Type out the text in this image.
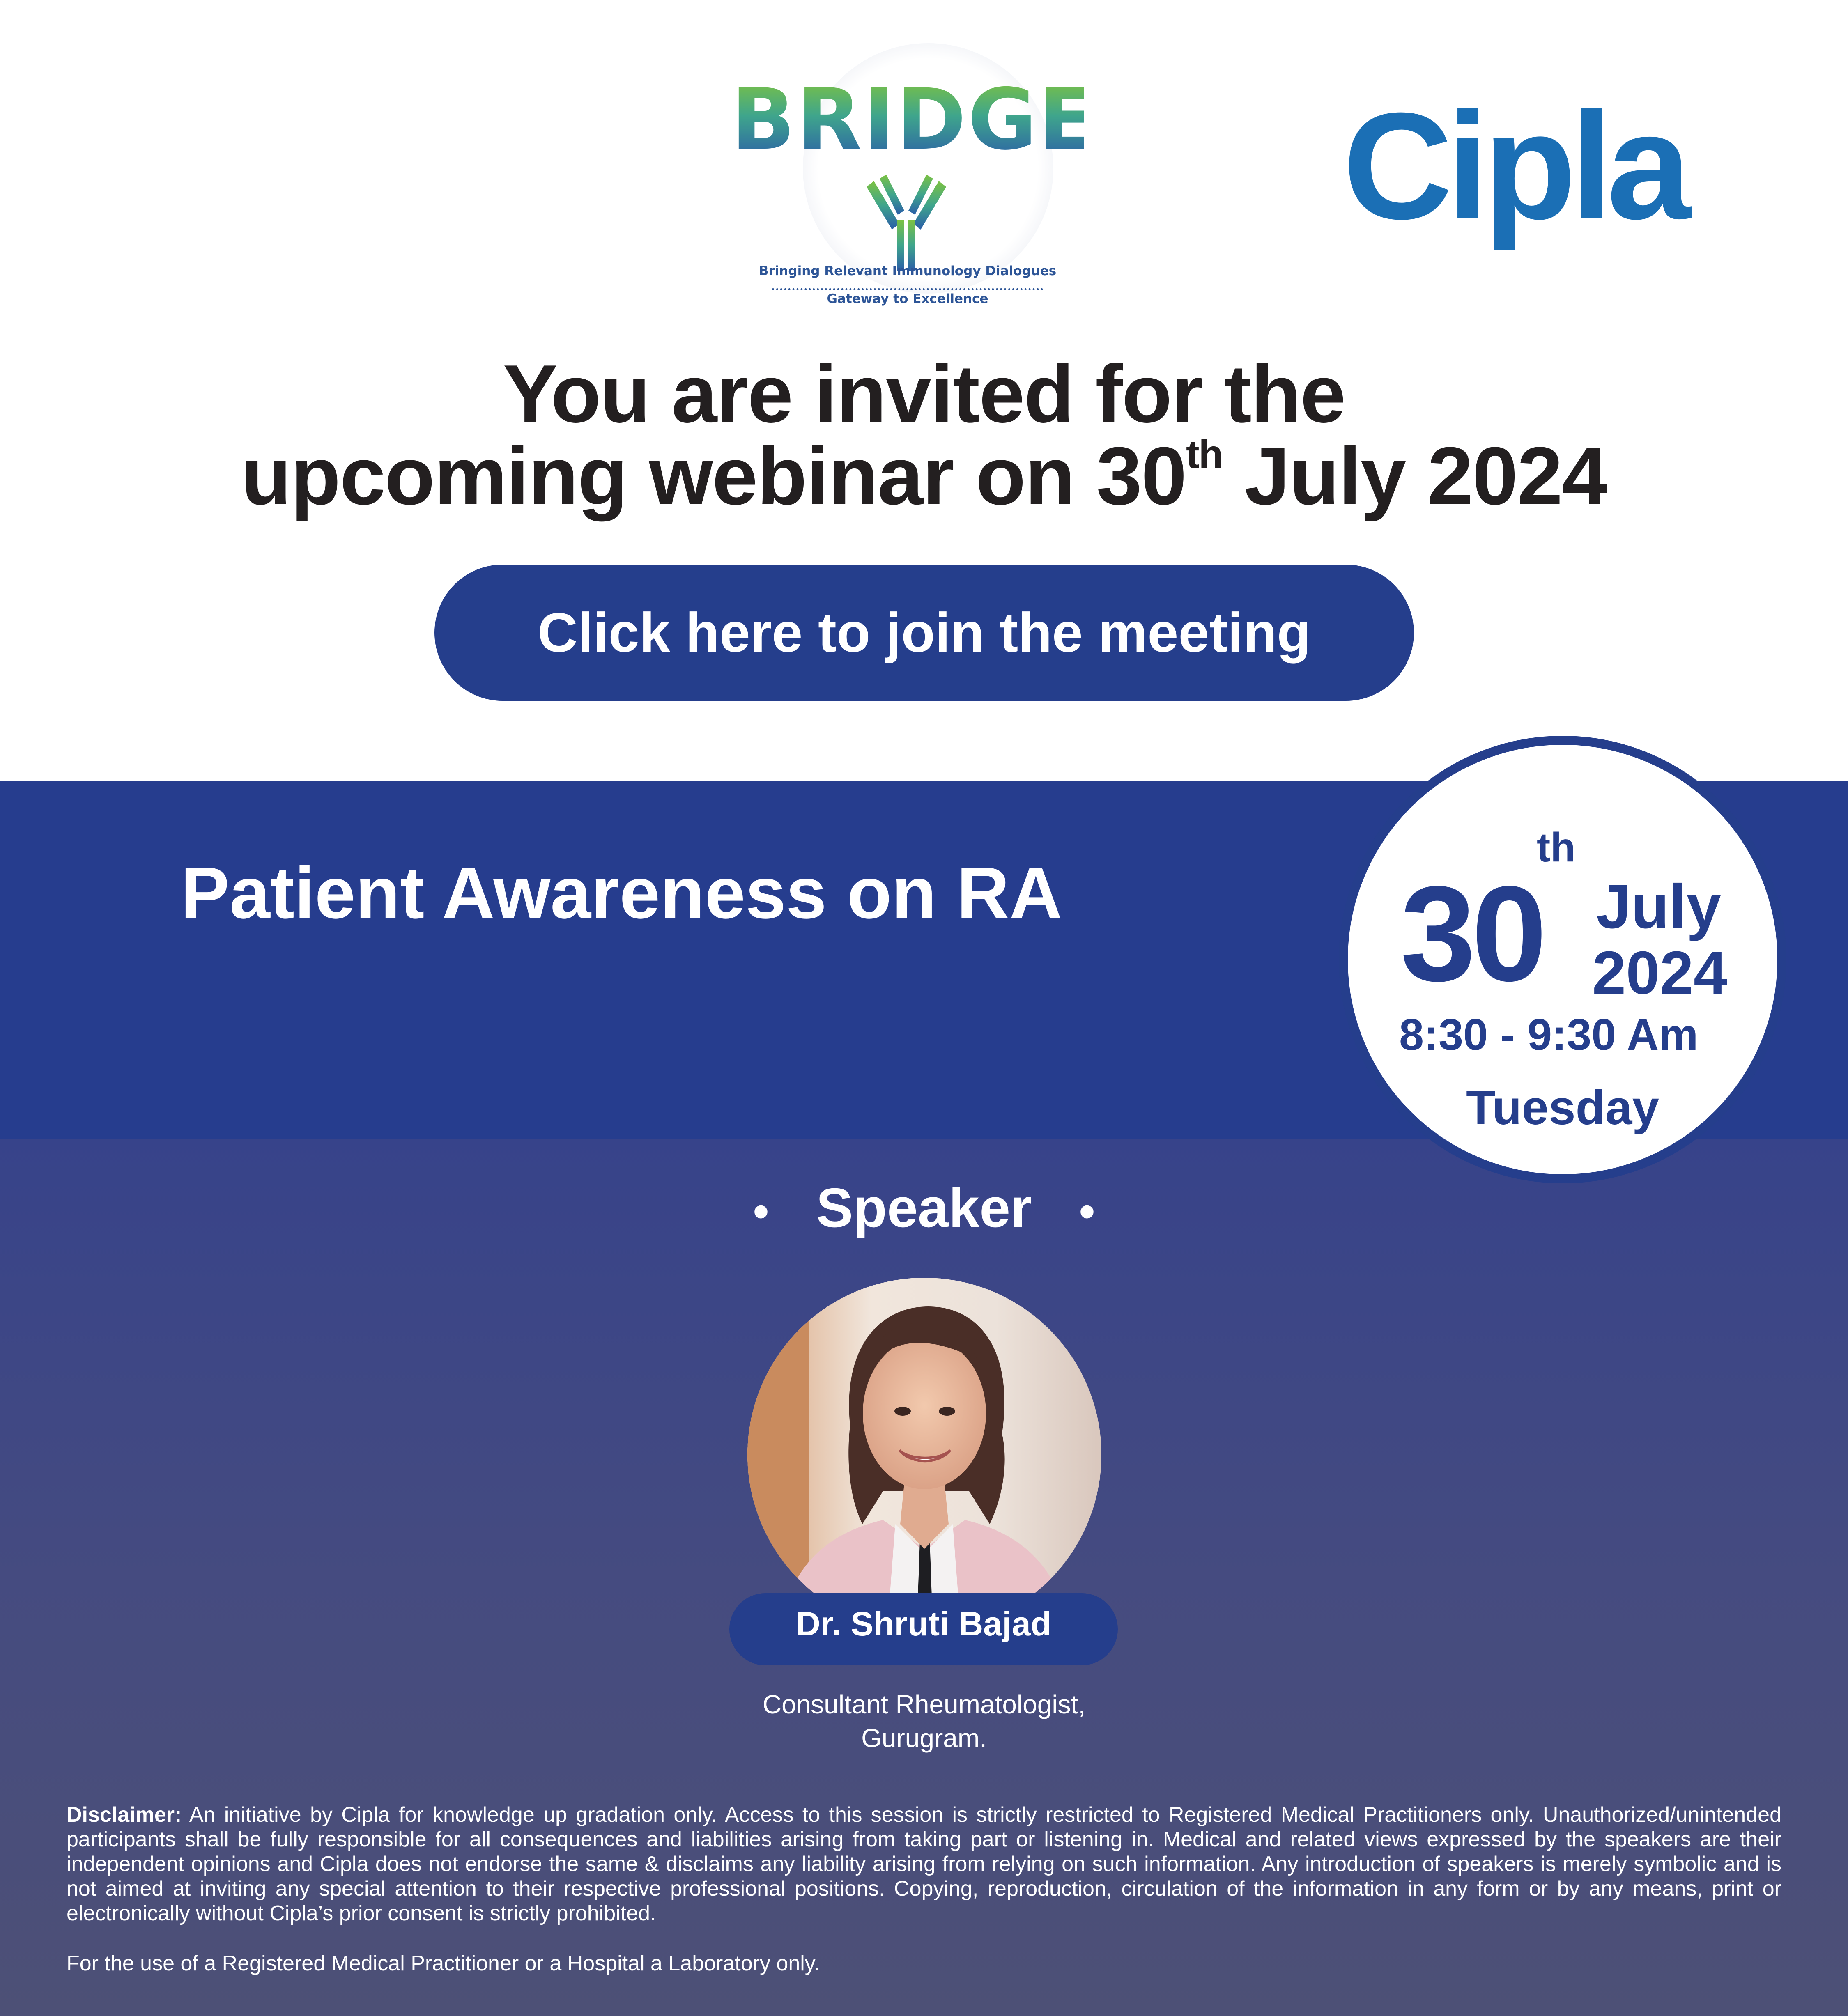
BRIDGE
Bringing Relevant Immunology Dialogues
Gateway to Excellence
Cipla
You are invited for the
upcoming webinar on 30th July 2024
Click here to join the meeting
Patient Awareness on RA
th
30 July
2024
8:30 - 9:30 Am
Tuesday
• Speaker •
Dr. Shruti Bajad
Consultant Rheumatologist,
Gurugram.
Disclaimer: An initiative by Cipla for knowledge up gradation only. Access to this session is strictly restricted to Registered Medical Practitioners only. Unauthorized/unintended participants shall be fully responsible for all consequences and liabilities arising from taking part or listening in. Medical and related views expressed by the speakers are their independent opinions and Cipla does not endorse the same & disclaims any liability arising from relying on such information. Any introduction of speakers is merely symbolic and is not aimed at inviting any special attention to their respective professional positions. Copying, reproduction, circulation of the information in any form or by any means, print or electronically without Cipla’s prior consent is strictly prohibited.
For the use of a Registered Medical Practitioner or a Hospital a Laboratory only.
